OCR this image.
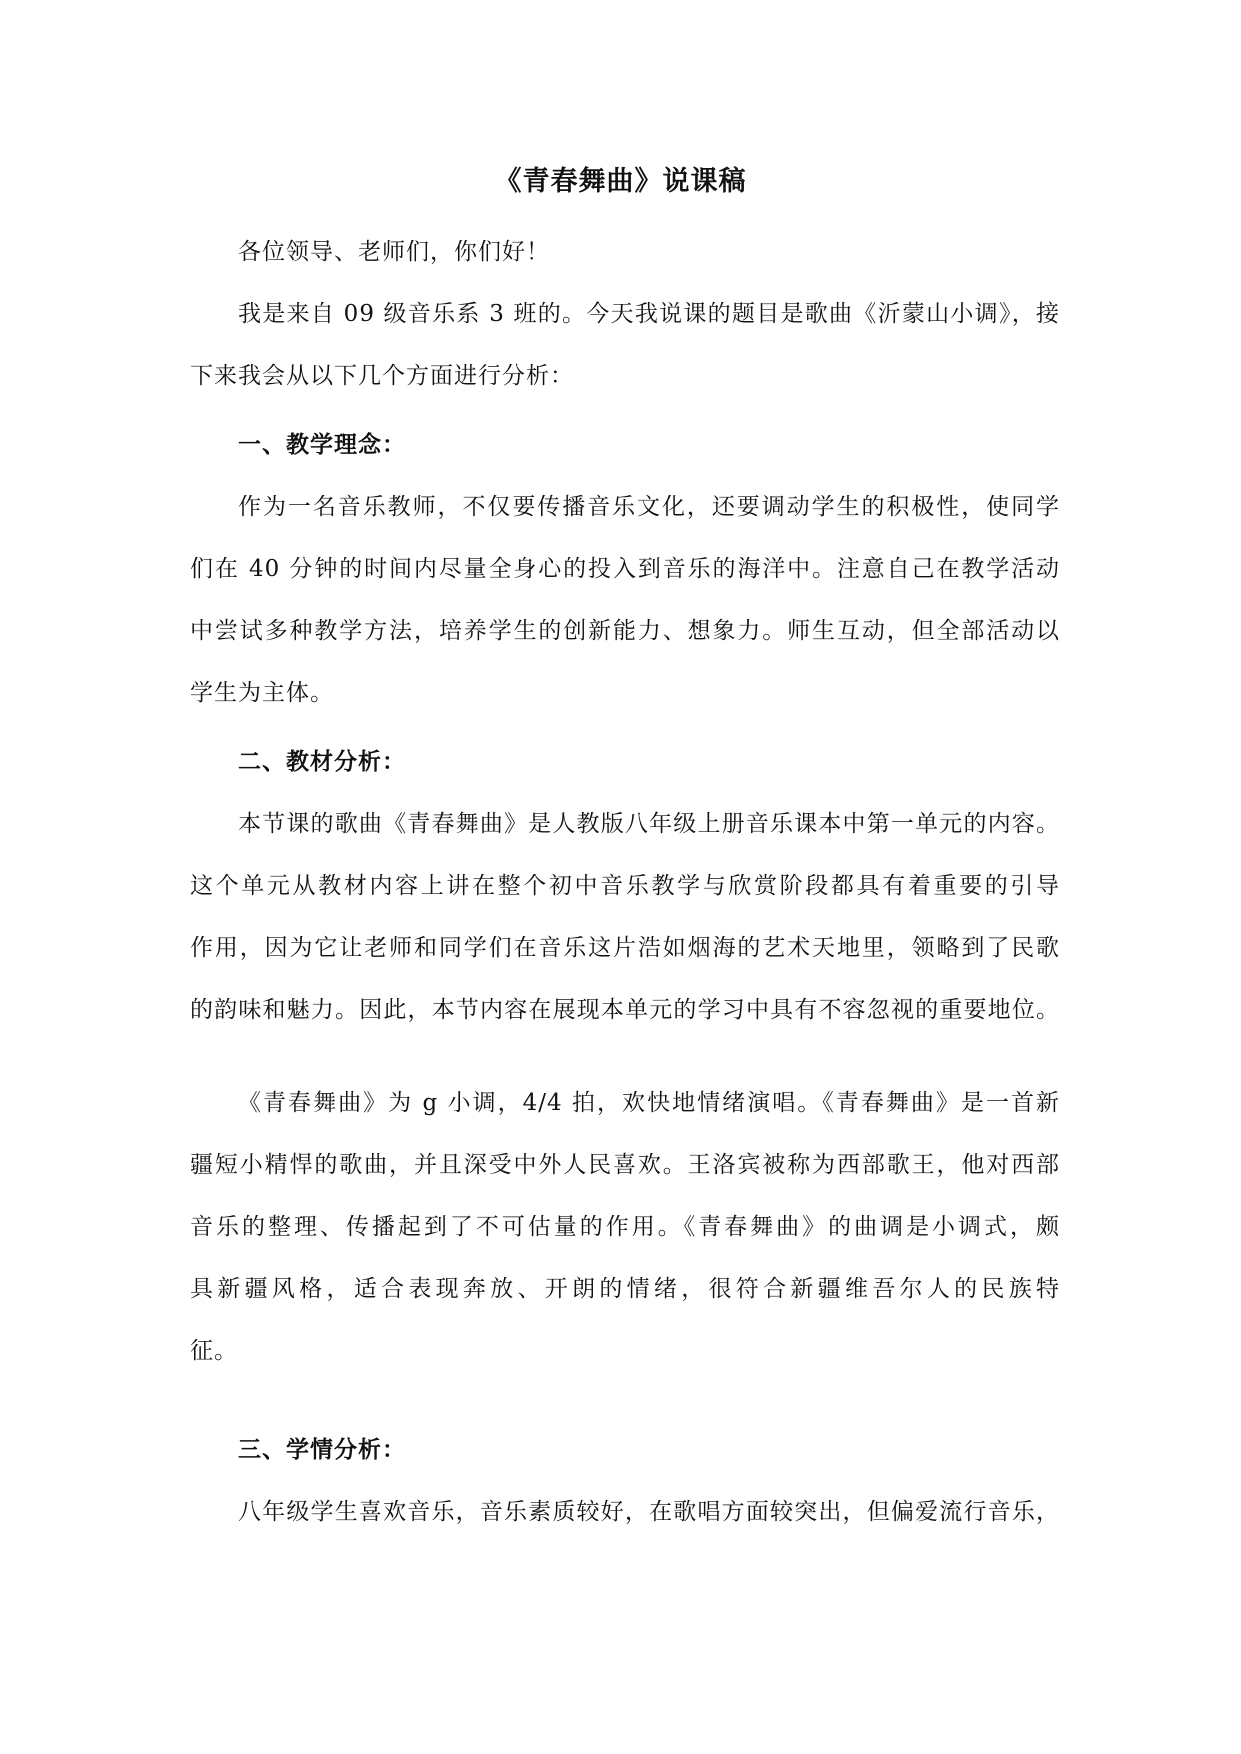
《青春舞曲》说课稿
各位领导、老师们，你们好！
我是来自 09 级音乐系 3 班的。今天我说课的题目是歌曲《沂蒙山小调》，接
下来我会从以下几个方面进行分析：
一、教学理念：
作为一名音乐教师，不仅要传播音乐文化，还要调动学生的积极性，使同学
们在 40 分钟的时间内尽量全身心的投入到音乐的海洋中。注意自己在教学活动
中尝试多种教学方法，培养学生的创新能力、想象力。师生互动，但全部活动以
学生为主体。
二、教材分析：
本节课的歌曲《青春舞曲》是人教版八年级上册音乐课本中第一单元的内容。
这个单元从教材内容上讲在整个初中音乐教学与欣赏阶段都具有着重要的引导
作用，因为它让老师和同学们在音乐这片浩如烟海的艺术天地里，领略到了民歌
的韵味和魅力。因此，本节内容在展现本单元的学习中具有不容忽视的重要地位。
《青春舞曲》为 g 小调，4/4 拍，欢快地情绪演唱。《青春舞曲》是一首新
疆短小精悍的歌曲，并且深受中外人民喜欢。王洛宾被称为西部歌王，他对西部
音乐的整理、传播起到了不可估量的作用。《青春舞曲》的曲调是小调式，颇
具新疆风格，适合表现奔放、开朗的情绪，很符合新疆维吾尔人的民族特
征。
三、学情分析：
八年级学生喜欢音乐，音乐素质较好，在歌唱方面较突出，但偏爱流行音乐，
